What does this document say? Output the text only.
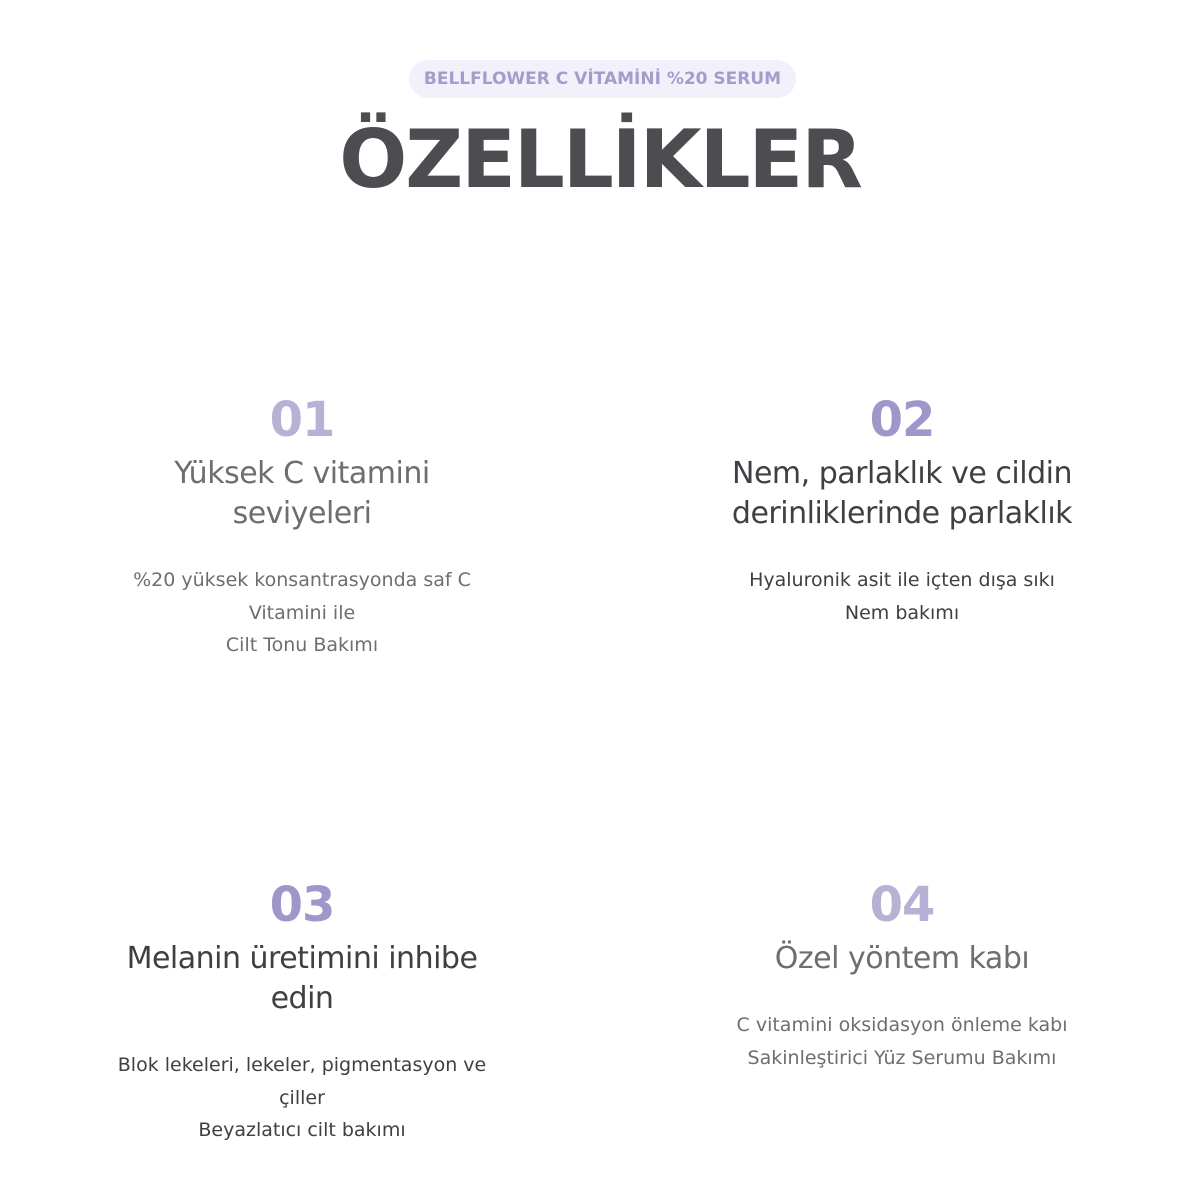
BELLFLOWER C VİTAMİNİ %20 SERUM
ÖZELLİKLER
01
Yüksek C vitamini
seviyeleri
%20 yüksek konsantrasyonda saf C
Vitamini ile
Cilt Tonu Bakımı
02
Nem, parlaklık ve cildin
derinliklerinde parlaklık
Hyaluronik asit ile içten dışa sıkı
Nem bakımı
03
Melanin üretimini inhibe
edin
Blok lekeleri, lekeler, pigmentasyon ve
çiller
Beyazlatıcı cilt bakımı
04
Özel yöntem kabı
C vitamini oksidasyon önleme kabı
Sakinleştirici Yüz Serumu Bakımı
